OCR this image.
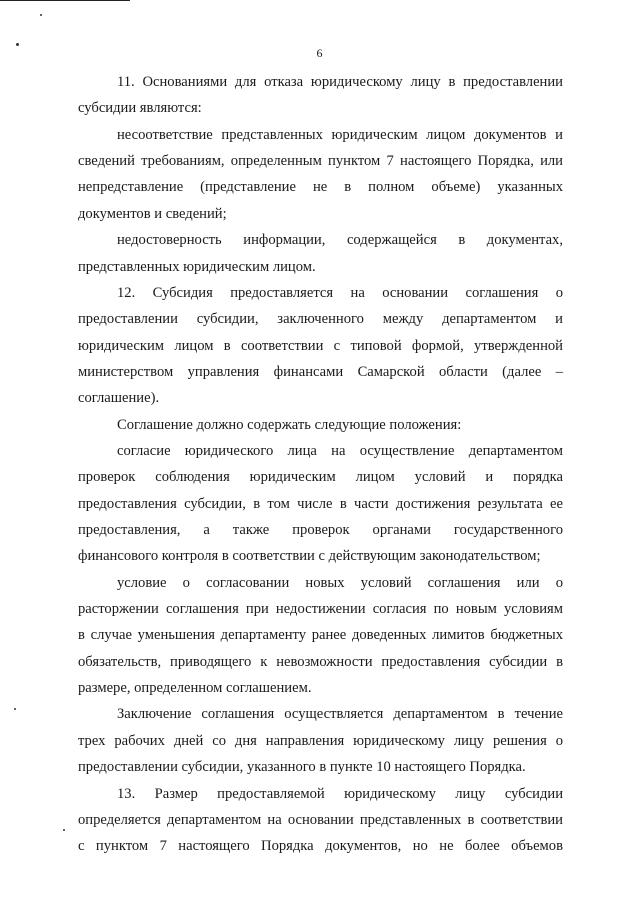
6
11. Основаниями для отказа юридическому лицу в предоставлении
субсидии являются:
несоответствие представленных юридическим лицом документов и
сведений требованиям, определенным пунктом 7 настоящего Порядка, или
непредставление (представление не в полном объеме) указанных
документов и сведений;
недостоверность информации, содержащейся в документах,
представленных юридическим лицом.
12. Субсидия предоставляется на основании соглашения о
предоставлении субсидии, заключенного между департаментом и
юридическим лицом в соответствии с типовой формой, утвержденной
министерством управления финансами Самарской области (далее –
соглашение).
Соглашение должно содержать следующие положения:
согласие юридического лица на осуществление департаментом
проверок соблюдения юридическим лицом условий и порядка
предоставления субсидии, в том числе в части достижения результата ее
предоставления, а также проверок органами государственного
финансового контроля в соответствии с действующим законодательством;
условие о согласовании новых условий соглашения или о
расторжении соглашения при недостижении согласия по новым условиям
в случае уменьшения департаменту ранее доведенных лимитов бюджетных
обязательств, приводящего к невозможности предоставления субсидии в
размере, определенном соглашением.
Заключение соглашения осуществляется департаментом в течение
трех рабочих дней со дня направления юридическому лицу решения о
предоставлении субсидии, указанного в пункте 10 настоящего Порядка.
13. Размер предоставляемой юридическому лицу субсидии
определяется департаментом на основании представленных в соответствии
с пунктом 7 настоящего Порядка документов, но не более объемов
